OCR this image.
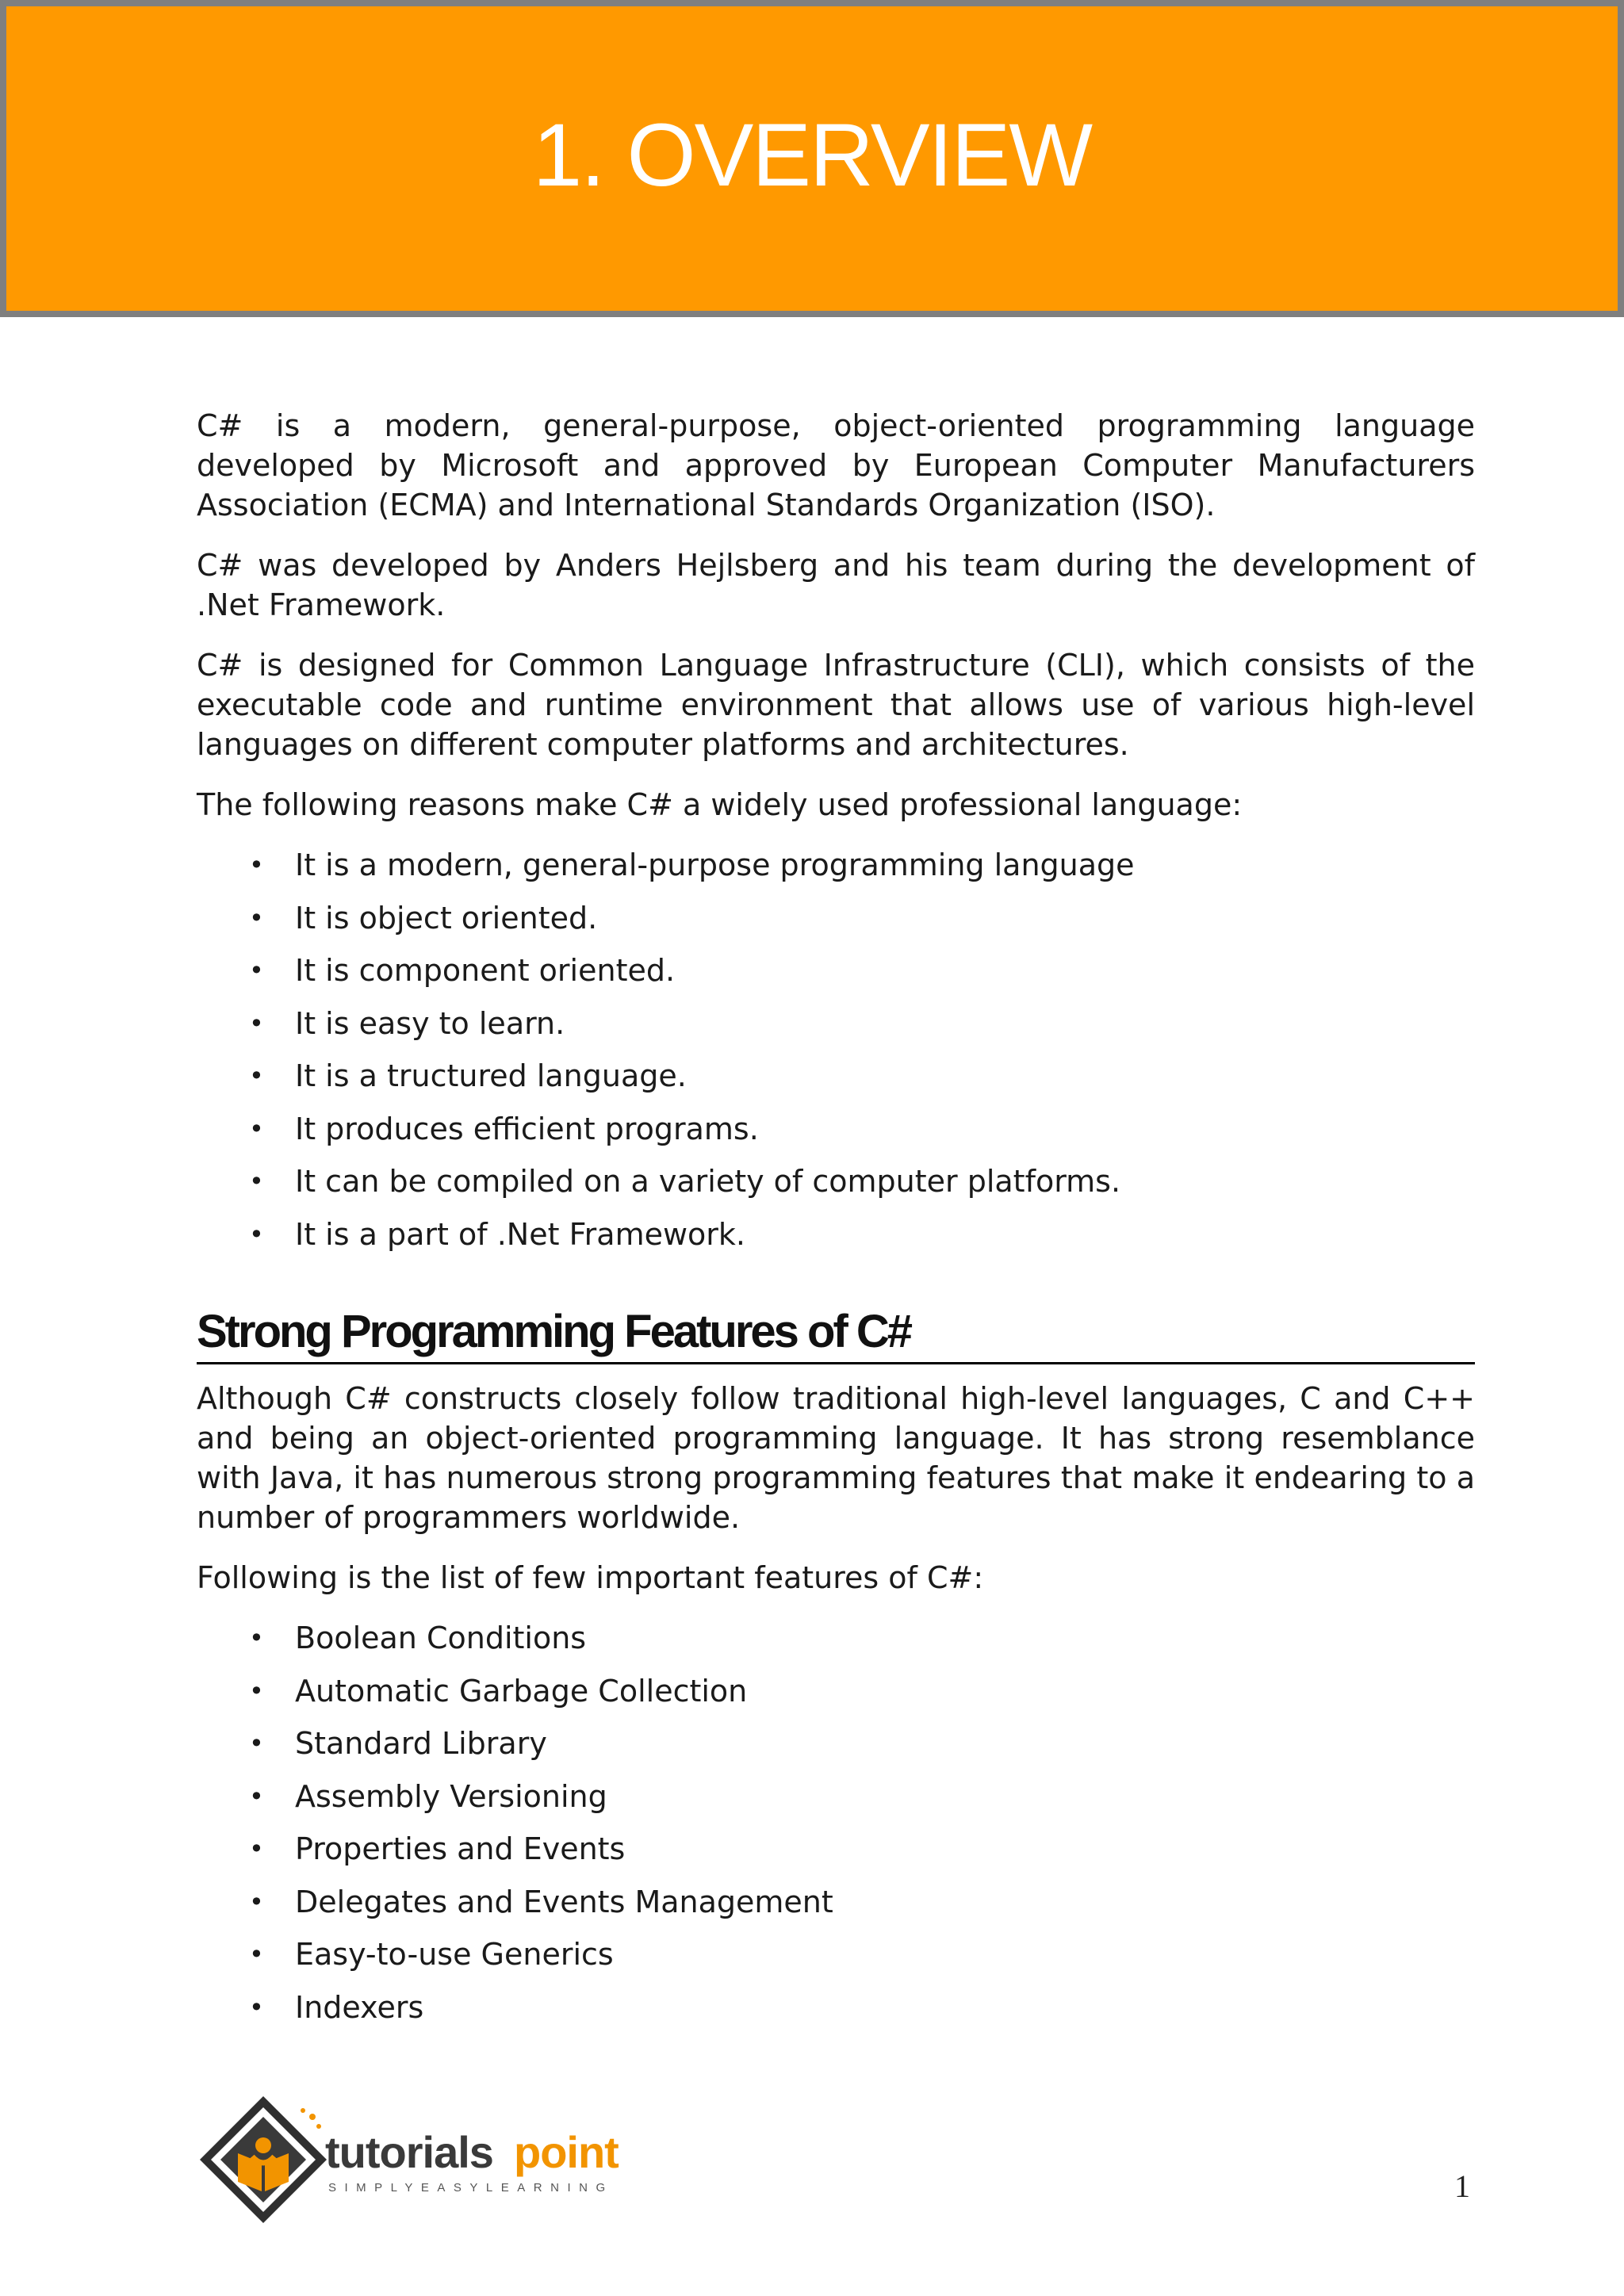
1. OVERVIEW

C# is a modern, general-purpose, object-oriented programming language developed by Microsoft and approved by European Computer Manufacturers Association (ECMA) and International Standards Organization (ISO).

C# was developed by Anders Hejlsberg and his team during the development of .Net Framework.

C# is designed for Common Language Infrastructure (CLI), which consists of the executable code and runtime environment that allows use of various high-level languages on different computer platforms and architectures.

The following reasons make C# a widely used professional language:

• It is a modern, general-purpose programming language
• It is object oriented.
• It is component oriented.
• It is easy to learn.
• It is a tructured language.
• It produces efficient programs.
• It can be compiled on a variety of computer platforms.
• It is a part of .Net Framework.
Strong Programming Features of C#

Although C# constructs closely follow traditional high-level languages, C and C++ and being an object-oriented programming language. It has strong resemblance with Java, it has numerous strong programming features that make it endearing to a number of programmers worldwide.

Following is the list of few important features of C#:

• Boolean Conditions
• Automatic Garbage Collection
• Standard Library
• Assembly Versioning
• Properties and Events
• Delegates and Events Management
• Easy-to-use Generics
• Indexers
tutorials point
SIMPLYEASYLEARNING	1
